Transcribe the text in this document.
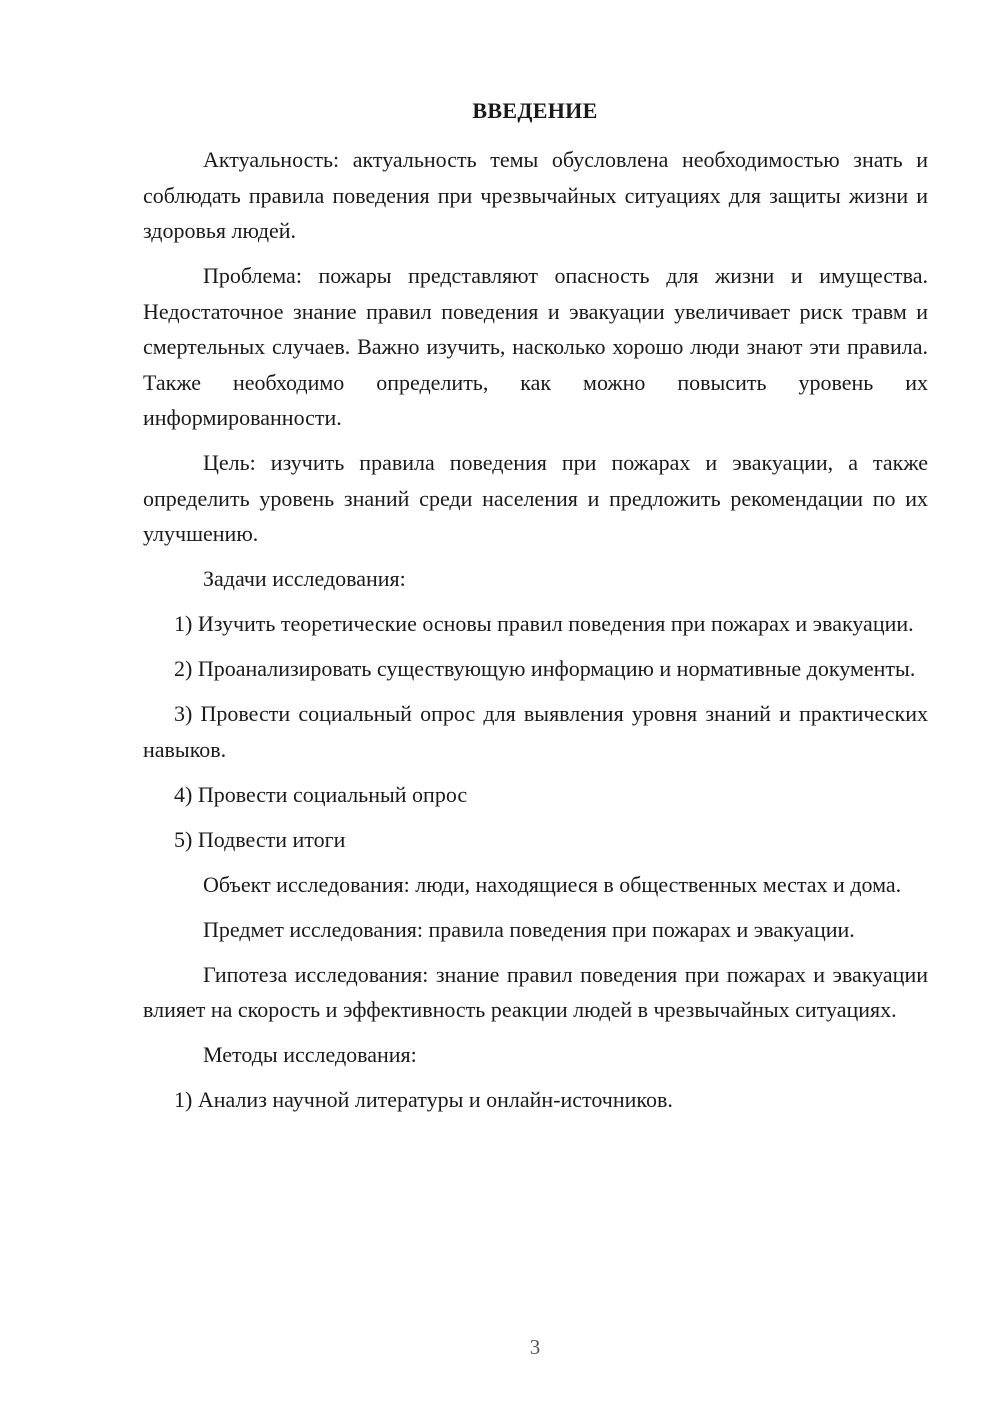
ВВЕДЕНИЕ

Актуальность: актуальность темы обусловлена необходимостью знать и соблюдать правила поведения при чрезвычайных ситуациях для защиты жизни и здоровья людей.

Проблема: пожары представляют опасность для жизни и имущества. Недостаточное знание правил поведения и эвакуации увеличивает риск травм и смертельных случаев. Важно изучить, насколько хорошо люди знают эти правила. Также необходимо определить, как можно повысить уровень их информированности.

Цель: изучить правила поведения при пожарах и эвакуации, а также определить уровень знаний среди населения и предложить рекомендации по их улучшению.

Задачи исследования:

1) Изучить теоретические основы правил поведения при пожарах и эвакуации.

2) Проанализировать существующую информацию и нормативные документы.

3) Провести социальный опрос для выявления уровня знаний и практических навыков.

4) Провести социальный опрос

5) Подвести итоги

Объект исследования: люди, находящиеся в общественных местах и дома.

Предмет исследования: правила поведения при пожарах и эвакуации.

Гипотеза исследования: знание правил поведения при пожарах и эвакуации влияет на скорость и эффективность реакции людей в чрезвычайных ситуациях.

Методы исследования:

1) Анализ научной литературы и онлайн-источников.

3
